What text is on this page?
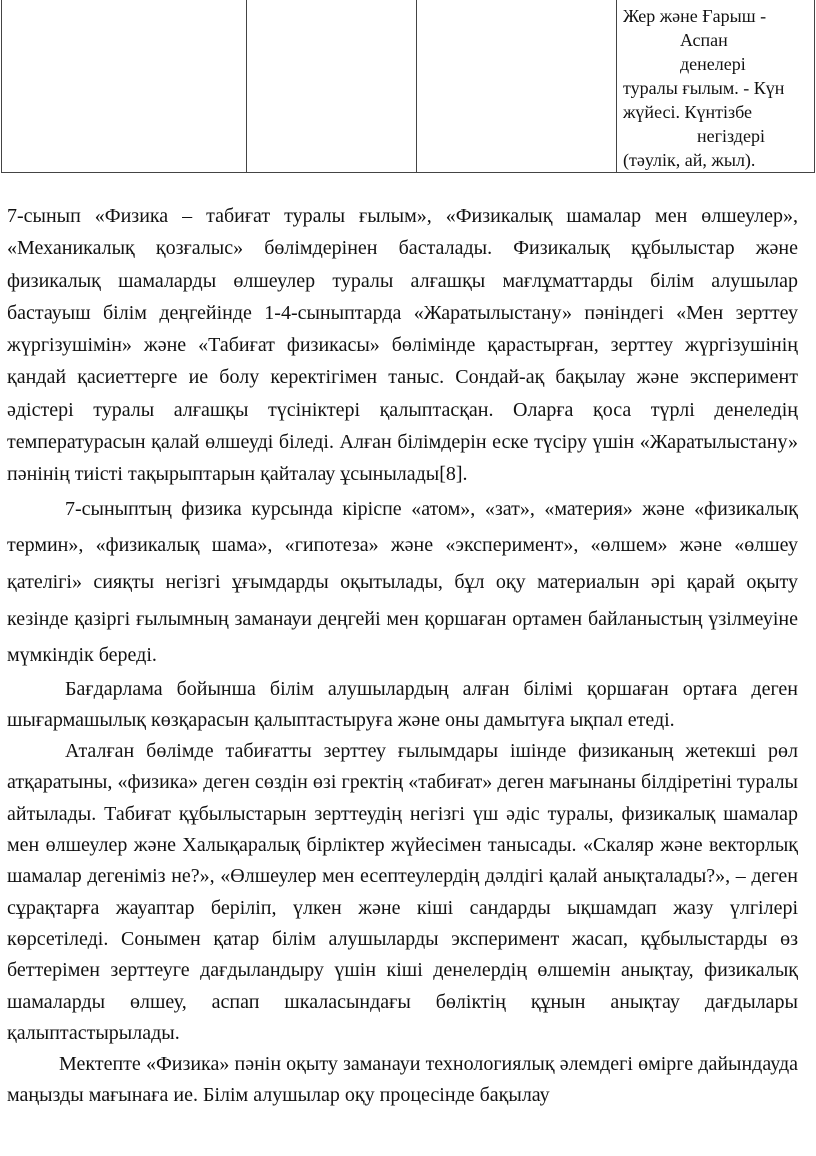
Жер және Ғарыш -
Аспан
денелері
туралы ғылым. - Күн
жүйесі. Күнтізбе
негіздері
(тәулік, ай, жыл).

7-сынып «Физика – табиғат туралы ғылым», «Физикалық шамалар мен өлшеулер», «Механикалық қозғалыс» бөлімдерінен басталады. Физикалық құбылыстар және физикалық шамаларды өлшеулер туралы алғашқы мағлұматтарды білім алушылар бастауыш білім деңгейінде 1-4-сыныптарда «Жаратылыстану» пәніндегі «Мен зерттеу жүргізушімін» және «Табиғат физикасы» бөлімінде қарастырған, зерттеу жүргізушінің қандай қасиеттерге ие болу керектігімен таныс. Сондай-ақ бақылау және эксперимент әдістері туралы алғашқы түсініктері қалыптасқан. Оларға қоса түрлі денеледің температурасын қалай өлшеуді біледі. Алған білімдерін еске түсіру үшін «Жаратылыстану» пәнінің тиісті тақырыптарын қайталау ұсынылады[8].

7-сыныптың физика курсында кіріспе «атом», «зат», «материя» және «физикалық термин», «физикалық шама», «гипотеза» және «эксперимент», «өлшем» және «өлшеу қателігі» сияқты негізгі ұғымдарды оқытылады, бұл оқу материалын әрі қарай оқыту кезінде қазіргі ғылымның заманауи деңгейі мен қоршаған ортамен байланыстың үзілмеуіне мүмкіндік береді.

Бағдарлама бойынша білім алушылардың алған білімі қоршаған ортаға деген шығармашылық көзқарасын қалыптастыруға және оны дамытуға ықпал етеді.

Аталған бөлімде табиғатты зерттеу ғылымдары ішінде физиканың жетекші рөл атқаратыны, «физика» деген сөздін өзі гректің «табиғат» деген мағынаны білдіретіні туралы айтылады. Табиғат құбылыстарын зерттеудің негізгі үш әдіс туралы, физикалық шамалар мен өлшеулер және Халықаралық бірліктер жүйесімен танысады. «Скаляр және векторлық шамалар дегеніміз не?», «Өлшеулер мен есептеулердің дәлдігі қалай анықталады?», – деген сұрақтарға жауаптар беріліп, үлкен және кіші сандарды ықшамдап жазу үлгілері көрсетіледі. Сонымен қатар білім алушыларды эксперимент жасап, құбылыстарды өз беттерімен зерттеуге дағдыландыру үшін кіші денелердің өлшемін анықтау, физикалық шамаларды өлшеу, аспап шкаласындағы бөліктің құнын анықтау дағдылары қалыптастырылады.

Мектепте «Физика» пәнін оқыту заманауи технологиялық әлемдегі өмірге дайындауда маңызды мағынаға ие. Білім алушылар оқу процесінде бақылау
